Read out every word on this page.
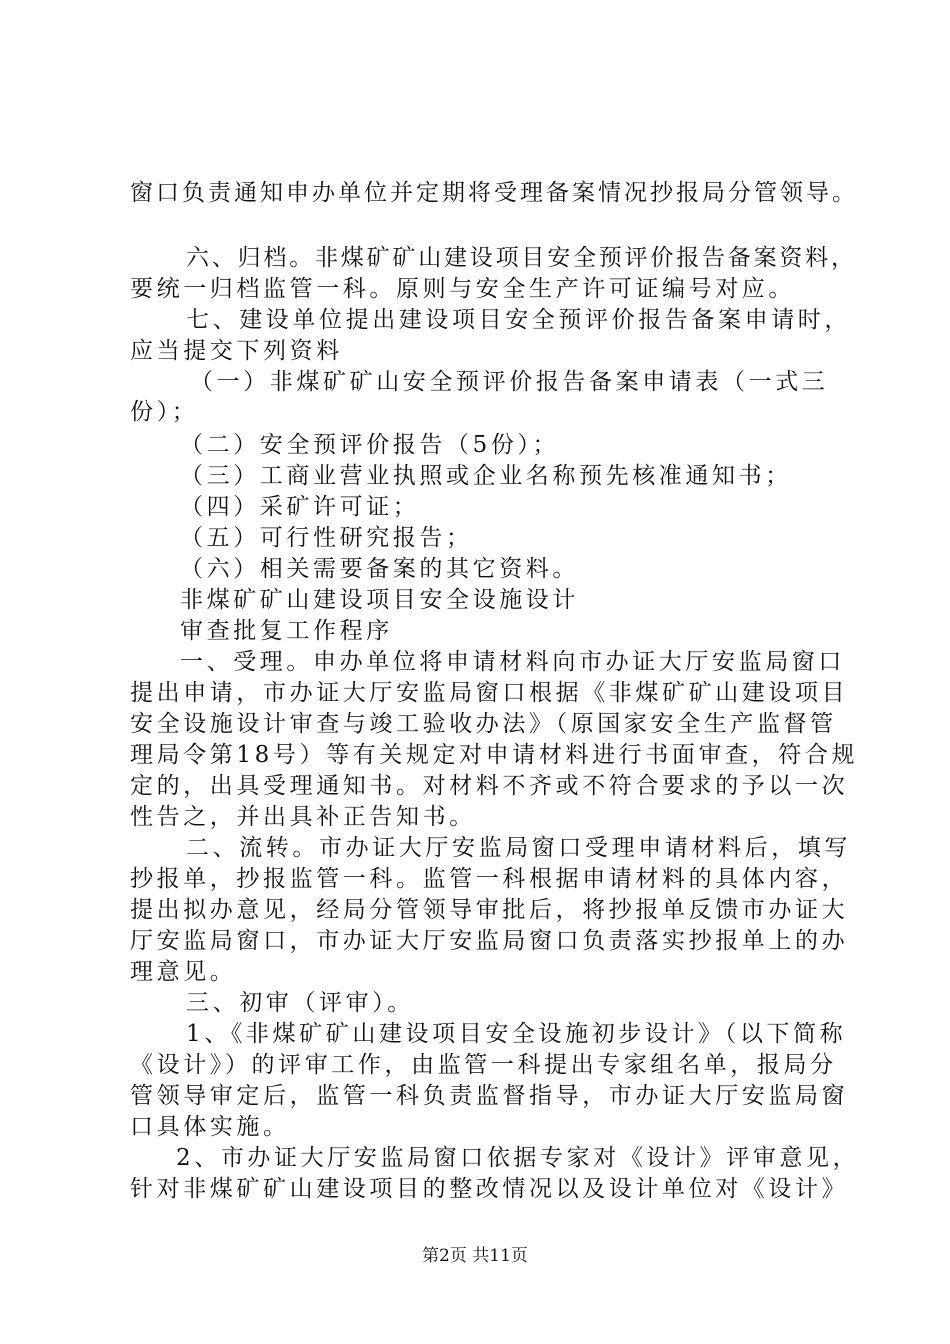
窗口负责通知申办单位并定期将受理备案情况抄报局分管领导。
六、归档。非煤矿矿山建设项目安全预评价报告备案资料，
要统一归档监管一科。原则与安全生产许可证编号对应。
七、建设单位提出建设项目安全预评价报告备案申请时，
应当提交下列资料
（一）非煤矿矿山安全预评价报告备案申请表（一式三
份）；
（二）安全预评价报告（5份）；
（三）工商业营业执照或企业名称预先核准通知书；
（四）采矿许可证；
（五）可行性研究报告；
（六）相关需要备案的其它资料。
非煤矿矿山建设项目安全设施设计
审查批复工作程序
一、受理。申办单位将申请材料向市办证大厅安监局窗口
提出申请，市办证大厅安监局窗口根据《非煤矿矿山建设项目
安全设施设计审查与竣工验收办法》（原国家安全生产监督管
理局令第18号）等有关规定对申请材料进行书面审查，符合规
定的，出具受理通知书。对材料不齐或不符合要求的予以一次
性告之，并出具补正告知书。
二、流转。市办证大厅安监局窗口受理申请材料后，填写
抄报单，抄报监管一科。监管一科根据申请材料的具体内容，
提出拟办意见，经局分管领导审批后，将抄报单反馈市办证大
厅安监局窗口，市办证大厅安监局窗口负责落实抄报单上的办
理意见。
三、初审（评审）。
1、《非煤矿矿山建设项目安全设施初步设计》（以下简称
《设计》）的评审工作，由监管一科提出专家组名单，报局分
管领导审定后，监管一科负责监督指导，市办证大厅安监局窗
口具体实施。
2、市办证大厅安监局窗口依据专家对《设计》评审意见，
针对非煤矿矿山建设项目的整改情况以及设计单位对《设计》
第2页 共11页
